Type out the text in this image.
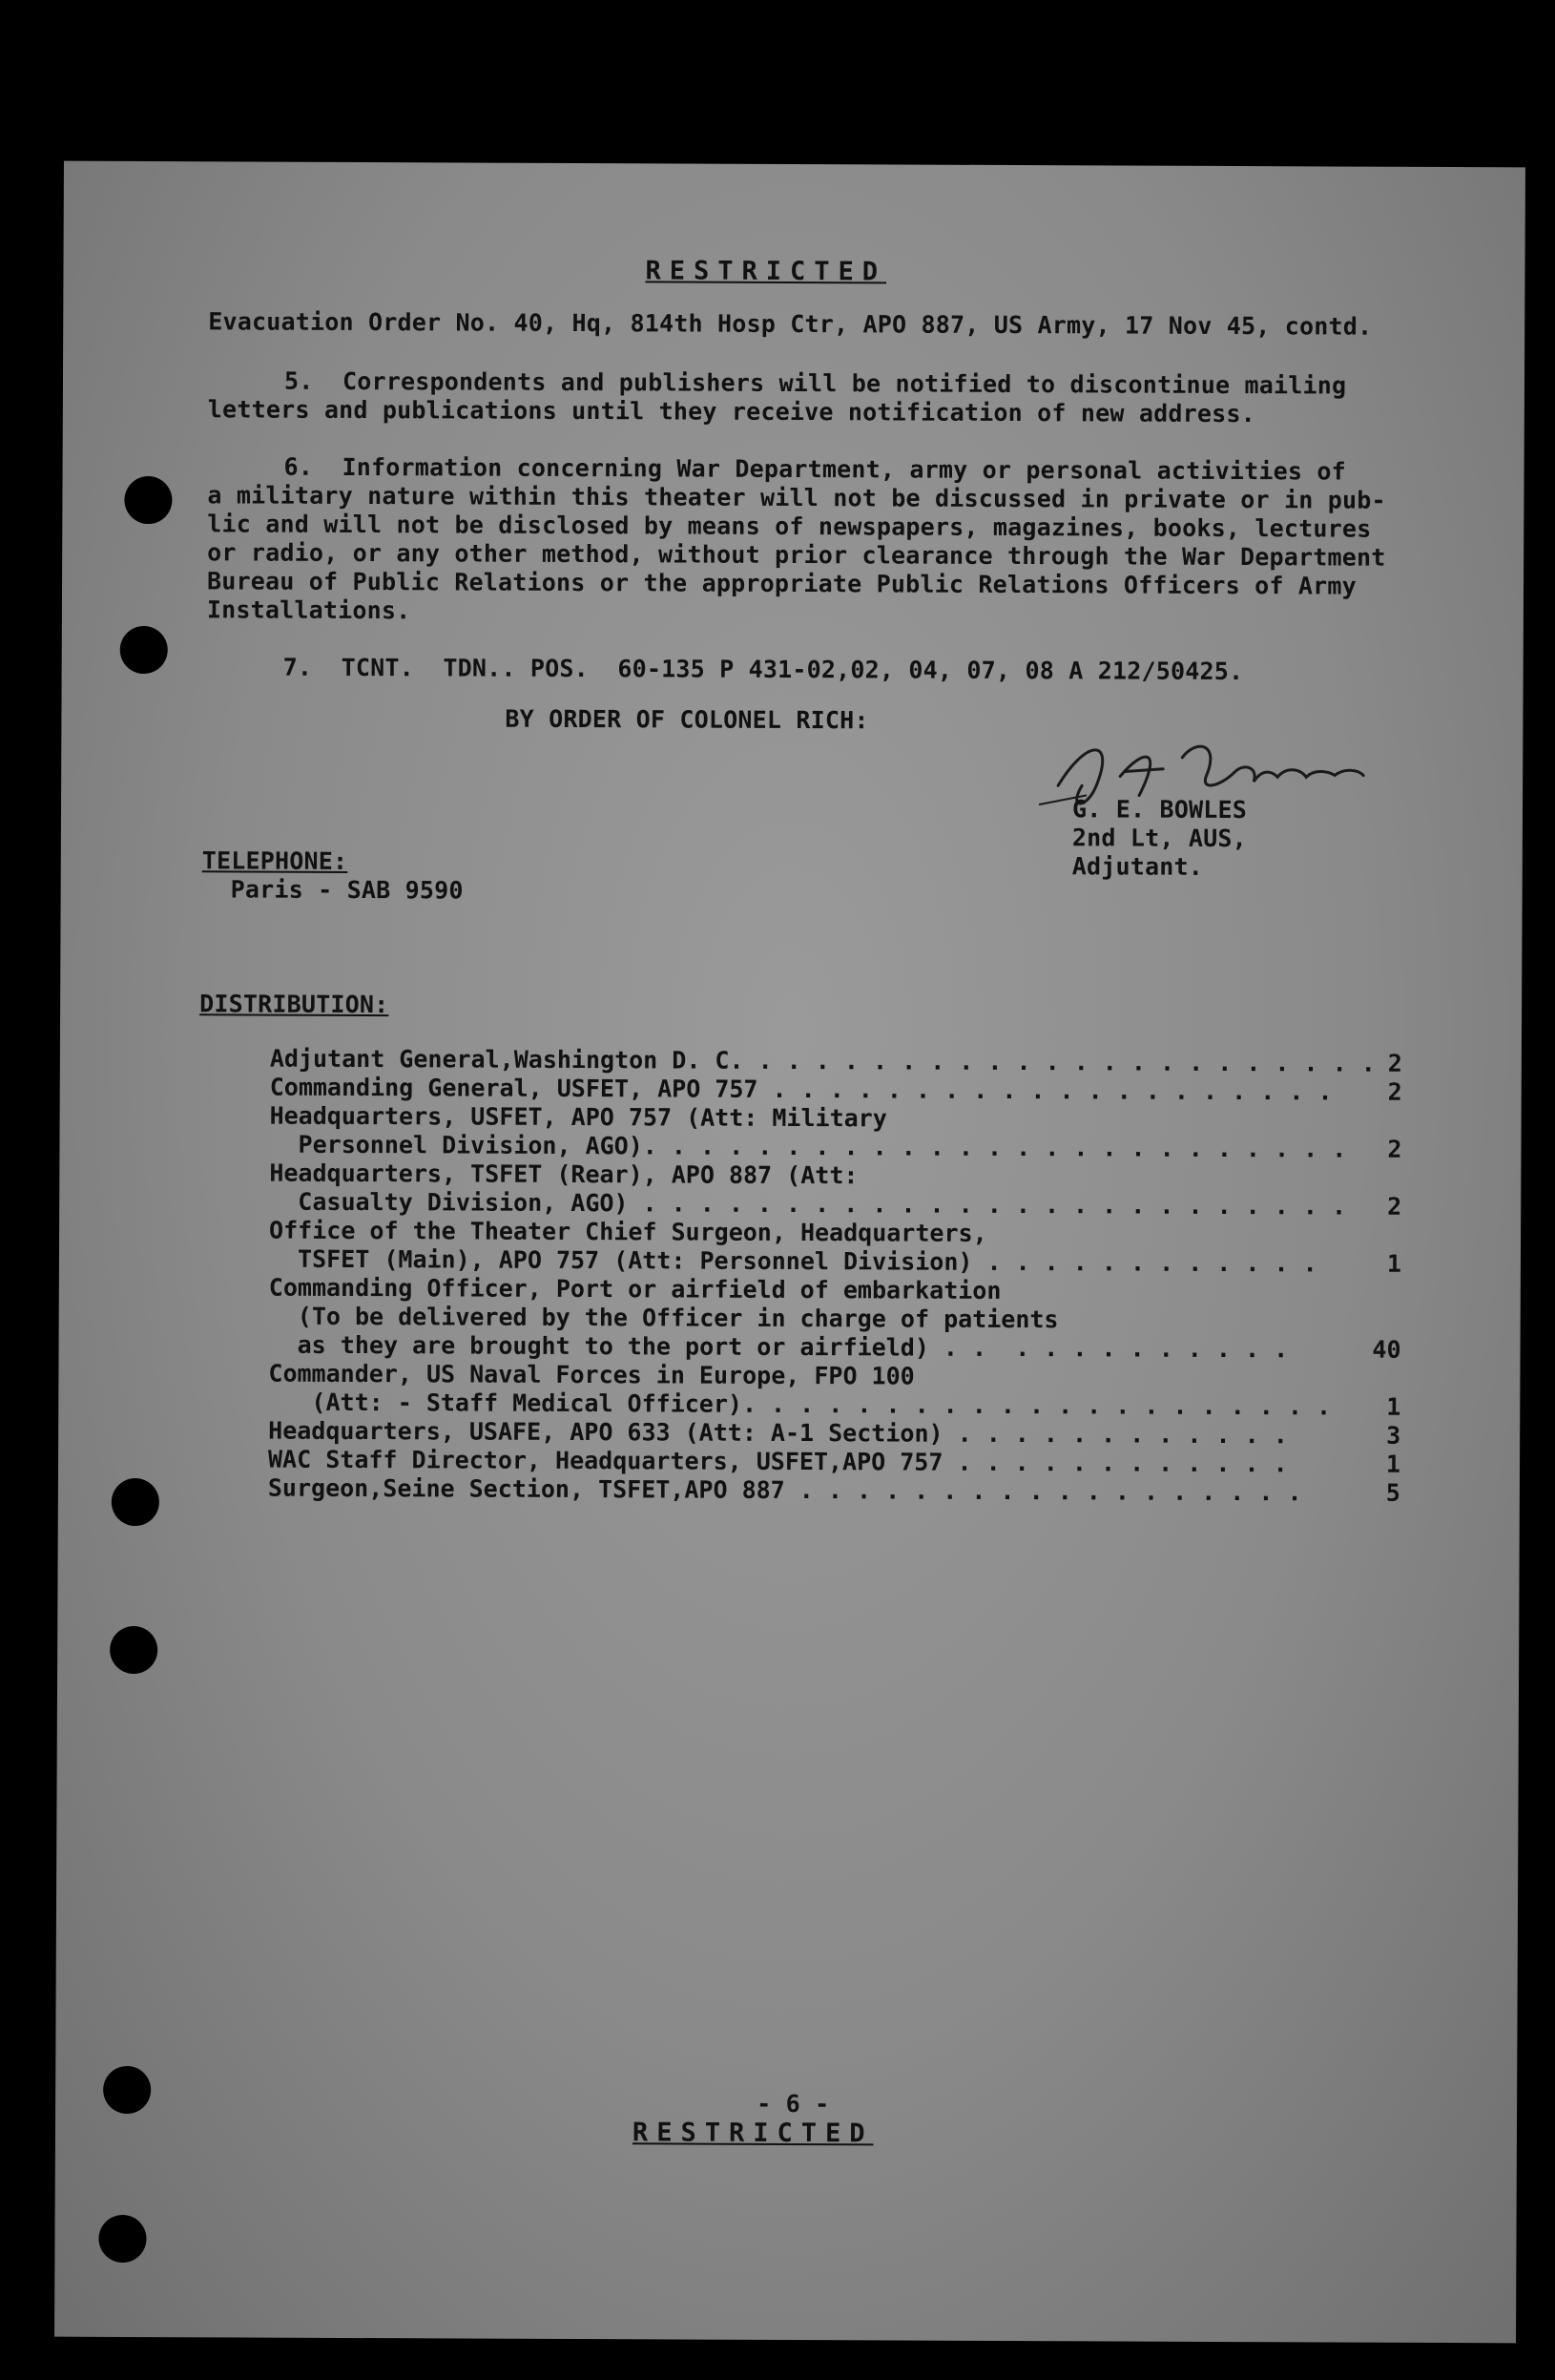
RESTRICTED
Evacuation Order No. 40, Hq, 814th Hosp Ctr, APO 887, US Army, 17 Nov 45, contd.
5.  Correspondents and publishers will be notified to discontinue mailing
letters and publications until they receive notification of new address.
6.  Information concerning War Department, army or personal activities of
a military nature within this theater will not be discussed in private or in pub-
lic and will not be disclosed by means of newspapers, magazines, books, lectures
or radio, or any other method, without prior clearance through the War Department
Bureau of Public Relations or the appropriate Public Relations Officers of Army
Installations.
7.  TCNT.  TDN.. POS.  60-135 P 431-02,02, 04, 07, 08 A 212/50425.
BY ORDER OF COLONEL RICH:
G. E. BOWLES
2nd Lt, AUS,
Adjutant.
TELEPHONE:
Paris - SAB 9590
DISTRIBUTION:
Adjutant General,Washington D. C. . . . . . . . . . . . . . . . . . . . . . . 2
Commanding General, USFET, APO 757 . . . . . . . . . . . . . . . . . . . . 2
Headquarters, USFET, APO 757 (Att: Military
Personnel Division, AGO). . . . . . . . . . . . . . . . . . . . . . . . . 2
Headquarters, TSFET (Rear), APO 887 (Att:
Casualty Division, AGO) . . . . . . . . . . . . . . . . . . . . . . . . . 2
Office of the Theater Chief Surgeon, Headquarters,
TSFET (Main), APO 757 (Att: Personnel Division) . . . . . . . . . . . .	1
Commanding Officer, Port or airfield of embarkation
(To be delivered by the Officer in charge of patients
as they are brought to the port or airfield) . .  . . . . . . . . . .	40
Commander, US Naval Forces in Europe, FPO 100
(Att: - Staff Medical Officer). . . . . . . . . . . . . . . . . . . . . 1
Headquarters, USAFE, APO 633 (Att: A-1 Section) . . . . . . . . . . . .	3
WAC Staff Director, Headquarters, USFET,APO 757 . . . . . . . . . . . .	1
Surgeon,Seine Section, TSFET,APO 887 . . . . . . . . . . . . . . . . . .	5
- 6 -
RESTRICTED
